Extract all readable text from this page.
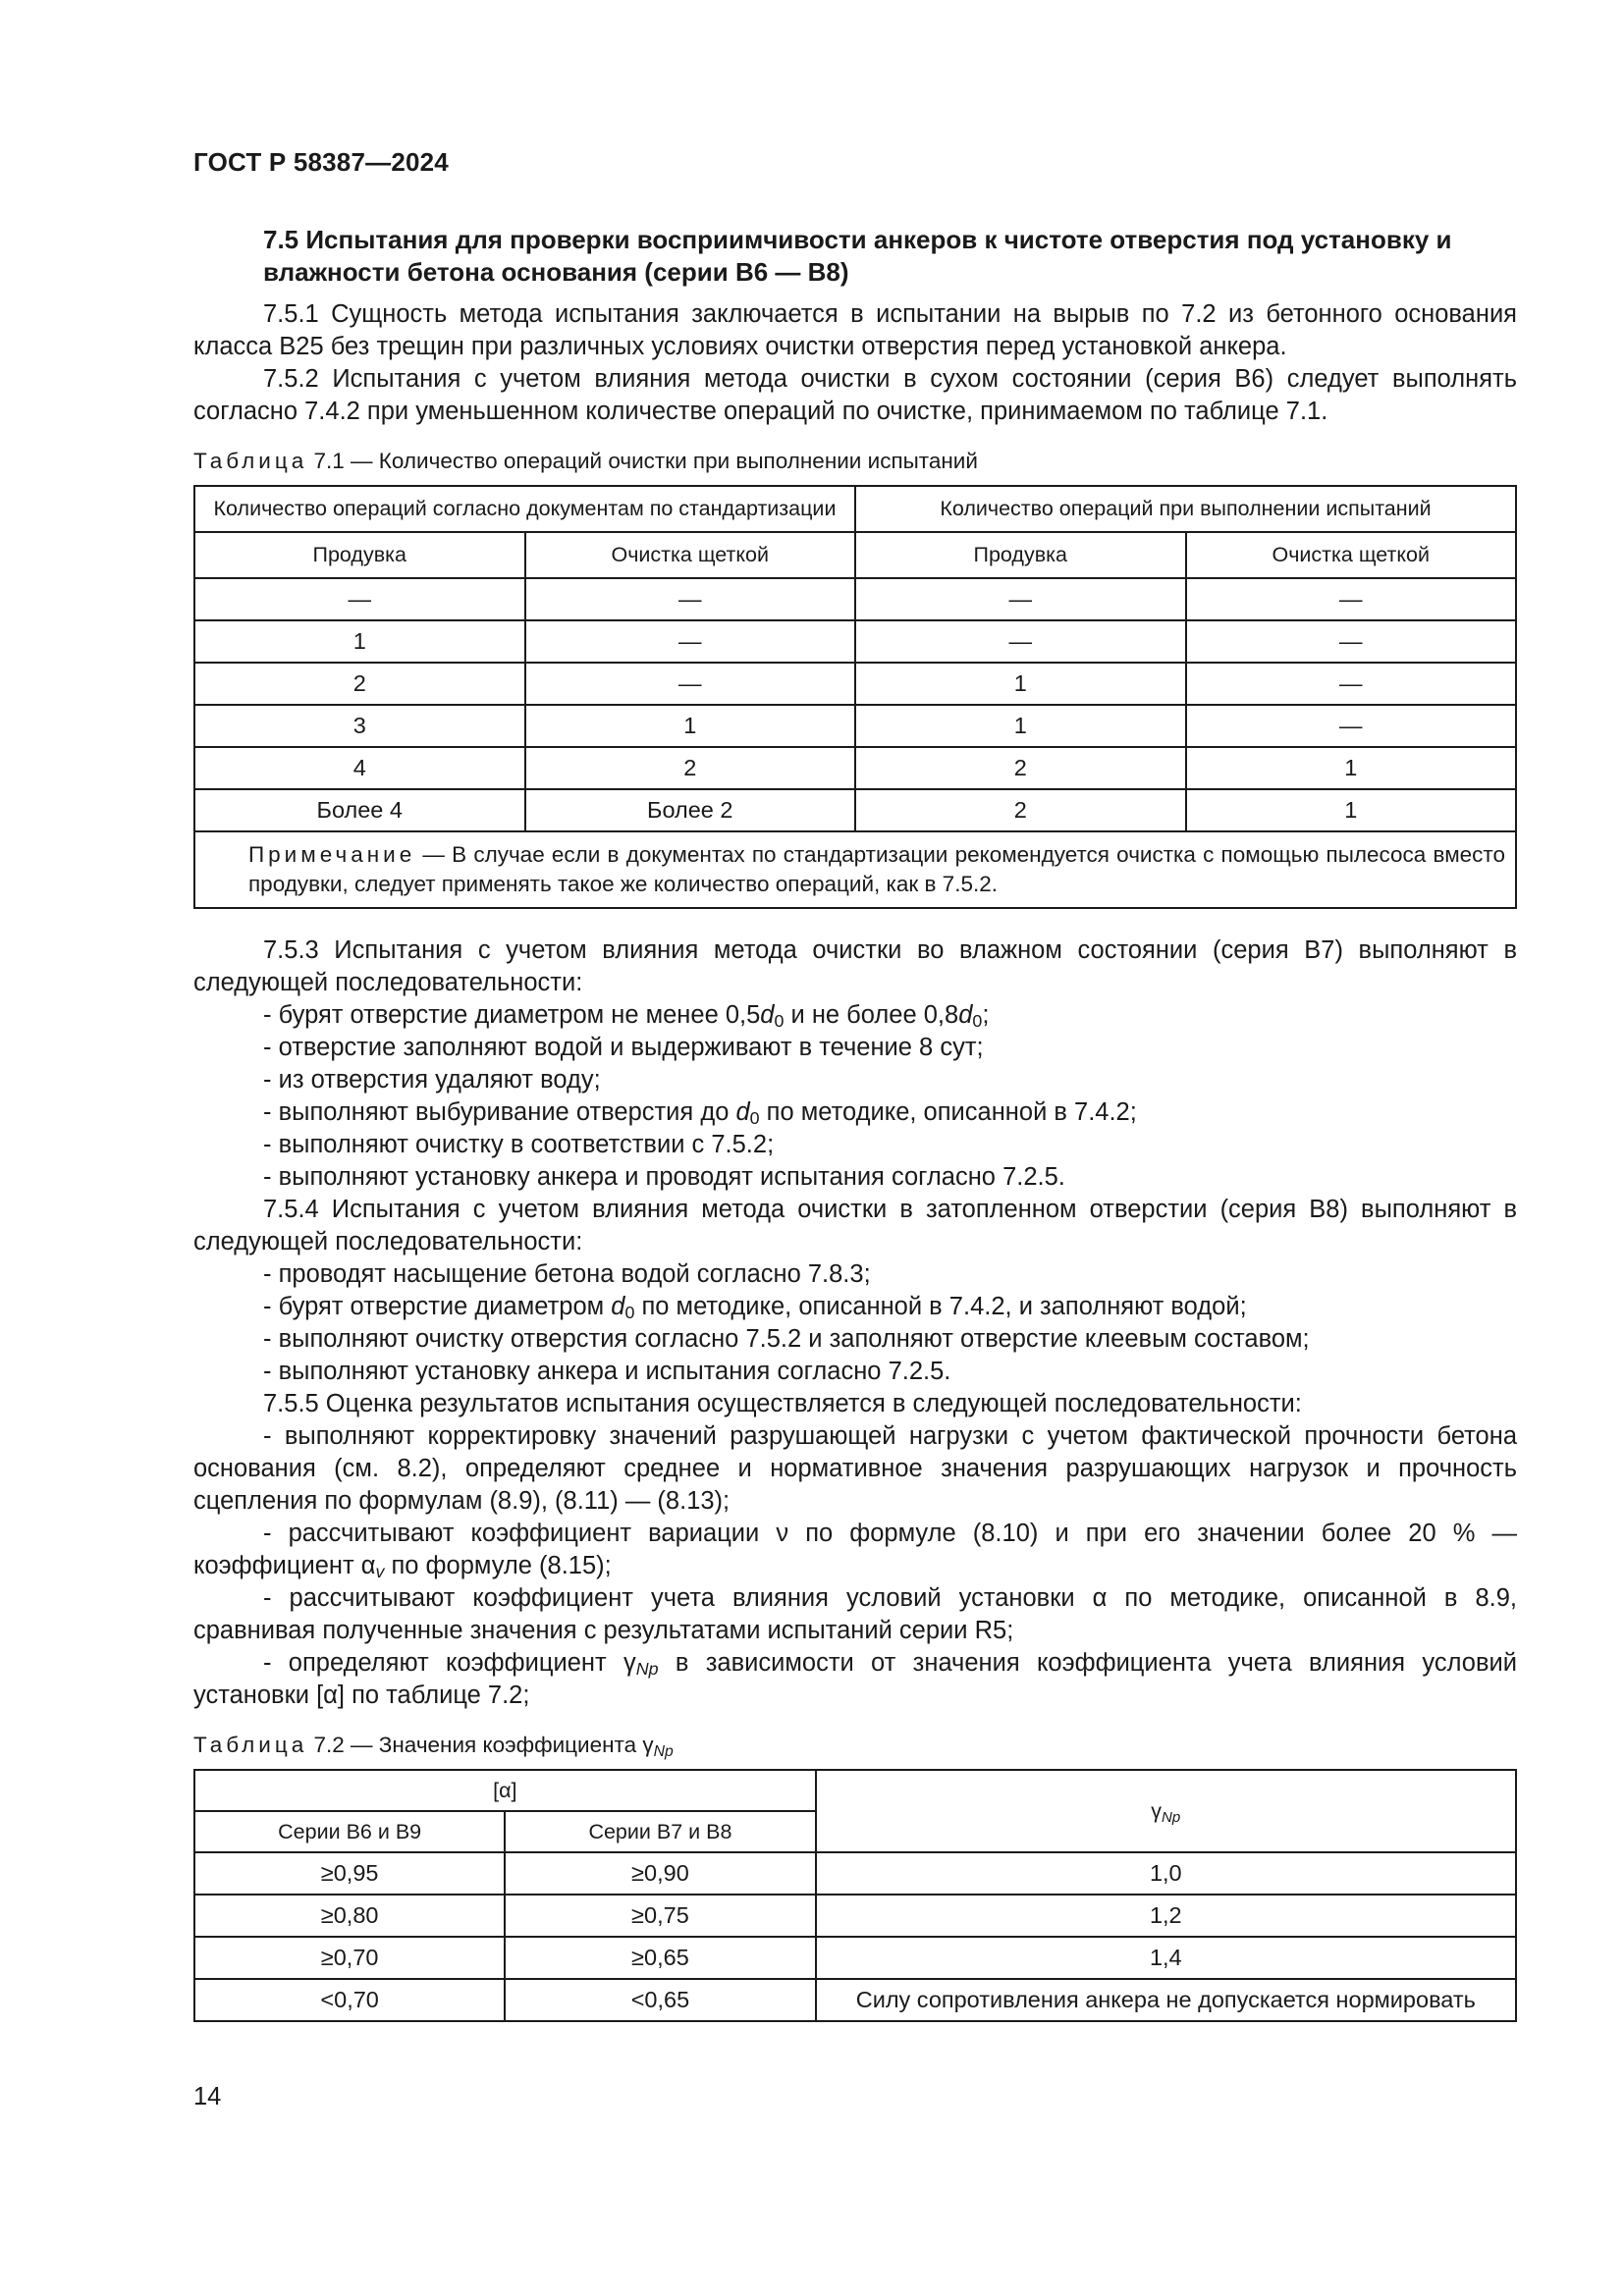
ГОСТ Р 58387—2024
7.5 Испытания для проверки восприимчивости анкеров к чистоте отверстия под установку и влажности бетона основания (серии В6 — В8)

7.5.1 Сущность метода испытания заключается в испытании на вырыв по 7.2 из бетонного основания класса В25 без трещин при различных условиях очистки отверстия перед установкой анкера.

7.5.2 Испытания с учетом влияния метода очистки в сухом состоянии (серия В6) следует выполнять согласно 7.4.2 при уменьшенном количестве операций по очистке, принимаемом по таблице 7.1.

Таблица 7.1 — Количество операций очистки при выполнении испытаний
Количество операций согласно документам по стандартизации		Количество операций при выполнении испытаний	
Продувка	Очистка щеткой	Продувка	Очистка щеткой
—	—	—	—
1	—	—	—
2	—	1	—
3	1	1	—
4	2	2	1
Более 4	Более 2	2	1
Примечание — В случае если в документах по стандартизации рекомендуется очистка с помощью пылесоса вместо продувки, следует применять такое же количество операций, как в 7.5.2.			

7.5.3 Испытания с учетом влияния метода очистки во влажном состоянии (серия В7) выполняют в следующей последовательности:

- бурят отверстие диаметром не менее $0,5d_0$ и не более $0,8d_0$;

- отверстие заполняют водой и выдерживают в течение 8 сут;

- из отверстия удаляют воду;

- выполняют выбуривание отверстия до $d_0$ по методике, описанной в 7.4.2;

- выполняют очистку в соответствии с 7.5.2;

- выполняют установку анкера и проводят испытания согласно 7.2.5.

7.5.4 Испытания с учетом влияния метода очистки в затопленном отверстии (серия В8) выполняют в следующей последовательности:

- проводят насыщение бетона водой согласно 7.8.3;

- бурят отверстие диаметром $d_0$ по методике, описанной в 7.4.2, и заполняют водой;

- выполняют очистку отверстия согласно 7.5.2 и заполняют отверстие клеевым составом;

- выполняют установку анкера и испытания согласно 7.2.5.

7.5.5 Оценка результатов испытания осуществляется в следующей последовательности:

- выполняют корректировку значений разрушающей нагрузки с учетом фактической прочности бетона основания (см. 8.2), определяют среднее и нормативное значения разрушающих нагрузок и прочность сцепления по формулам (8.9), (8.11) — (8.13);

- рассчитывают коэффициент вариации ν по формуле (8.10) и при его значении более 20 % — коэффициент $\alpha_v$ по формуле (8.15);

- рассчитывают коэффициент учета влияния условий установки α по методике, описанной в 8.9, сравнивая полученные значения с результатами испытаний серии R5;

- определяют коэффициент $\gamma_{Np}$ в зависимости от значения коэффициента учета влияния условий установки [α] по таблице 7.2;

Таблица 7.2 — Значения коэффициента $\gamma_{Np}$
[α]		$\gamma_{Np}$
Серии В6 и В9	Серии В7 и В8	
≥0,95	≥0,90	1,0
≥0,80	≥0,75	1,2
≥0,70	≥0,65	1,4
<0,70	<0,65	Силу сопротивления анкера не допускается нормировать
14
